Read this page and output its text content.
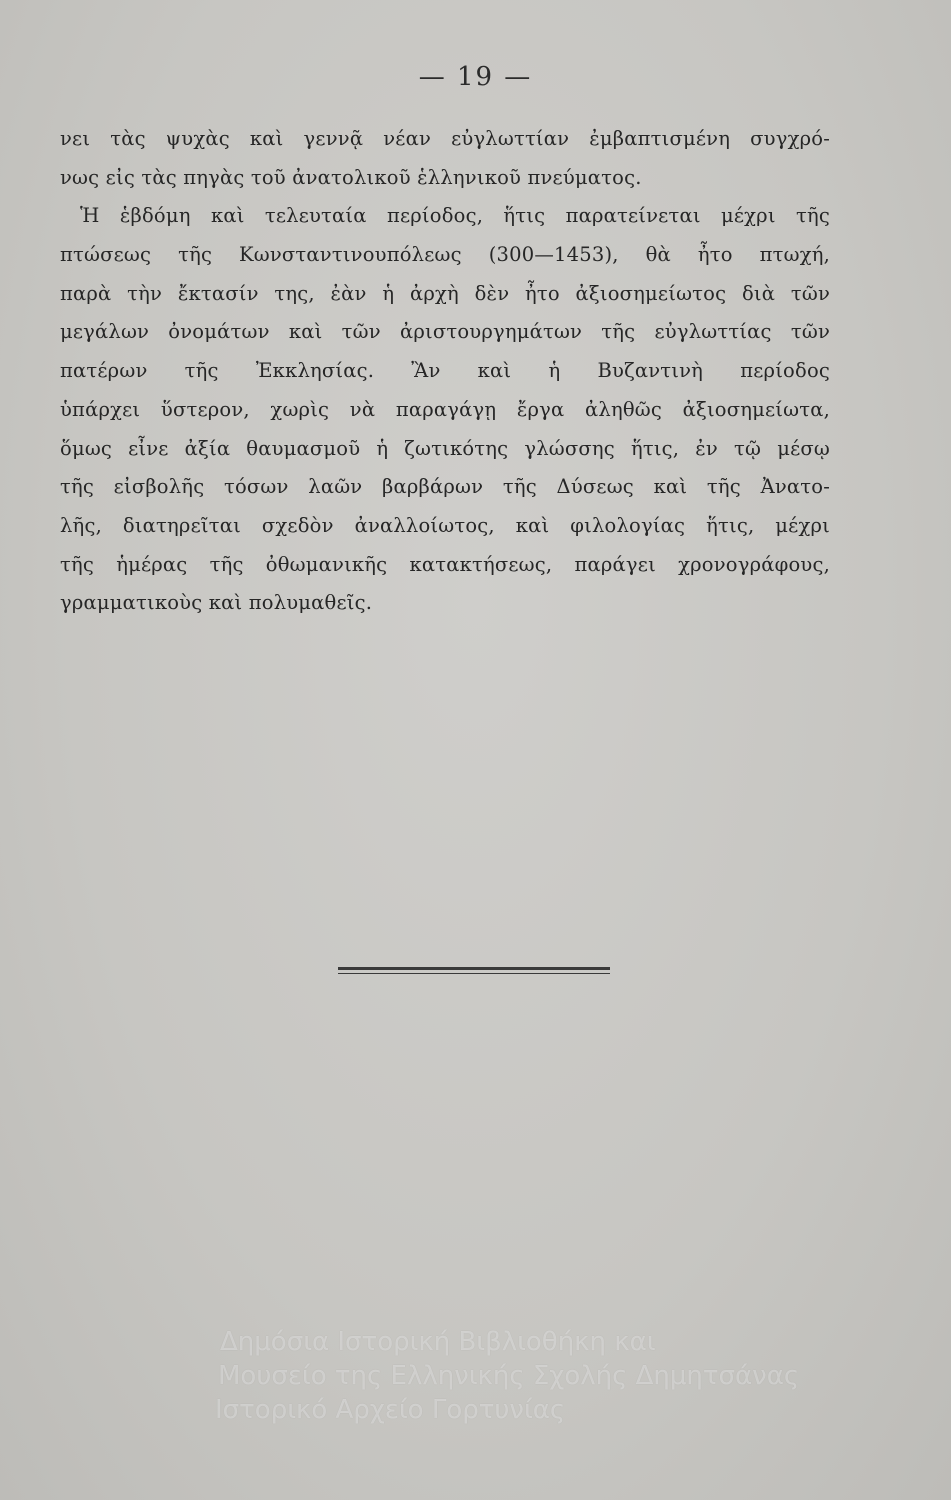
— 19 —
νει τὰς ψυχὰς καὶ γεννᾷ νέαν εὐγλωττίαν ἐμβαπτισμένη συγχρό-
νως εἰς τὰς πηγὰς τοῦ ἀνατολικοῦ ἑλληνικοῦ πνεύματος.
Ἡ ἑβδόμη καὶ τελευταία περίοδος, ἥτις παρατείνεται μέχρι τῆς
πτώσεως τῆς Κωνσταντινουπόλεως (300—1453), θὰ ἦτο πτωχή,
παρὰ τὴν ἔκτασίν της, ἐὰν ἡ ἀρχὴ δὲν ἦτο ἀξιοσημείωτος διὰ τῶν
μεγάλων ὀνομάτων καὶ τῶν ἀριστουργημάτων τῆς εὐγλωττίας τῶν
πατέρων τῆς Ἐκκλησίας. Ἂν καὶ ἡ Βυζαντινὴ περίοδος
ὑπάρχει ὕστερον, χωρὶς νὰ παραγάγῃ ἔργα ἀληθῶς ἀξιοσημείωτα,
ὅμως εἶνε ἀξία θαυμασμοῦ ἡ ζωτικότης γλώσσης ἥτις, ἐν τῷ μέσῳ
τῆς εἰσβολῆς τόσων λαῶν βαρβάρων τῆς Δύσεως καὶ τῆς Ἀνατο-
λῆς, διατηρεῖται σχεδὸν ἀναλλοίωτος, καὶ φιλολογίας ἥτις, μέχρι
τῆς ἡμέρας τῆς ὀθωμανικῆς κατακτήσεως, παράγει χρονογράφους,
γραμματικοὺς καὶ πολυμαθεῖς.
Δημόσια Ιστορική Βιβλιοθήκη και
Μουσείο της Ελληνικής Σχολής Δημητσάνας
Ιστορικό Αρχείο Γορτυνίας
